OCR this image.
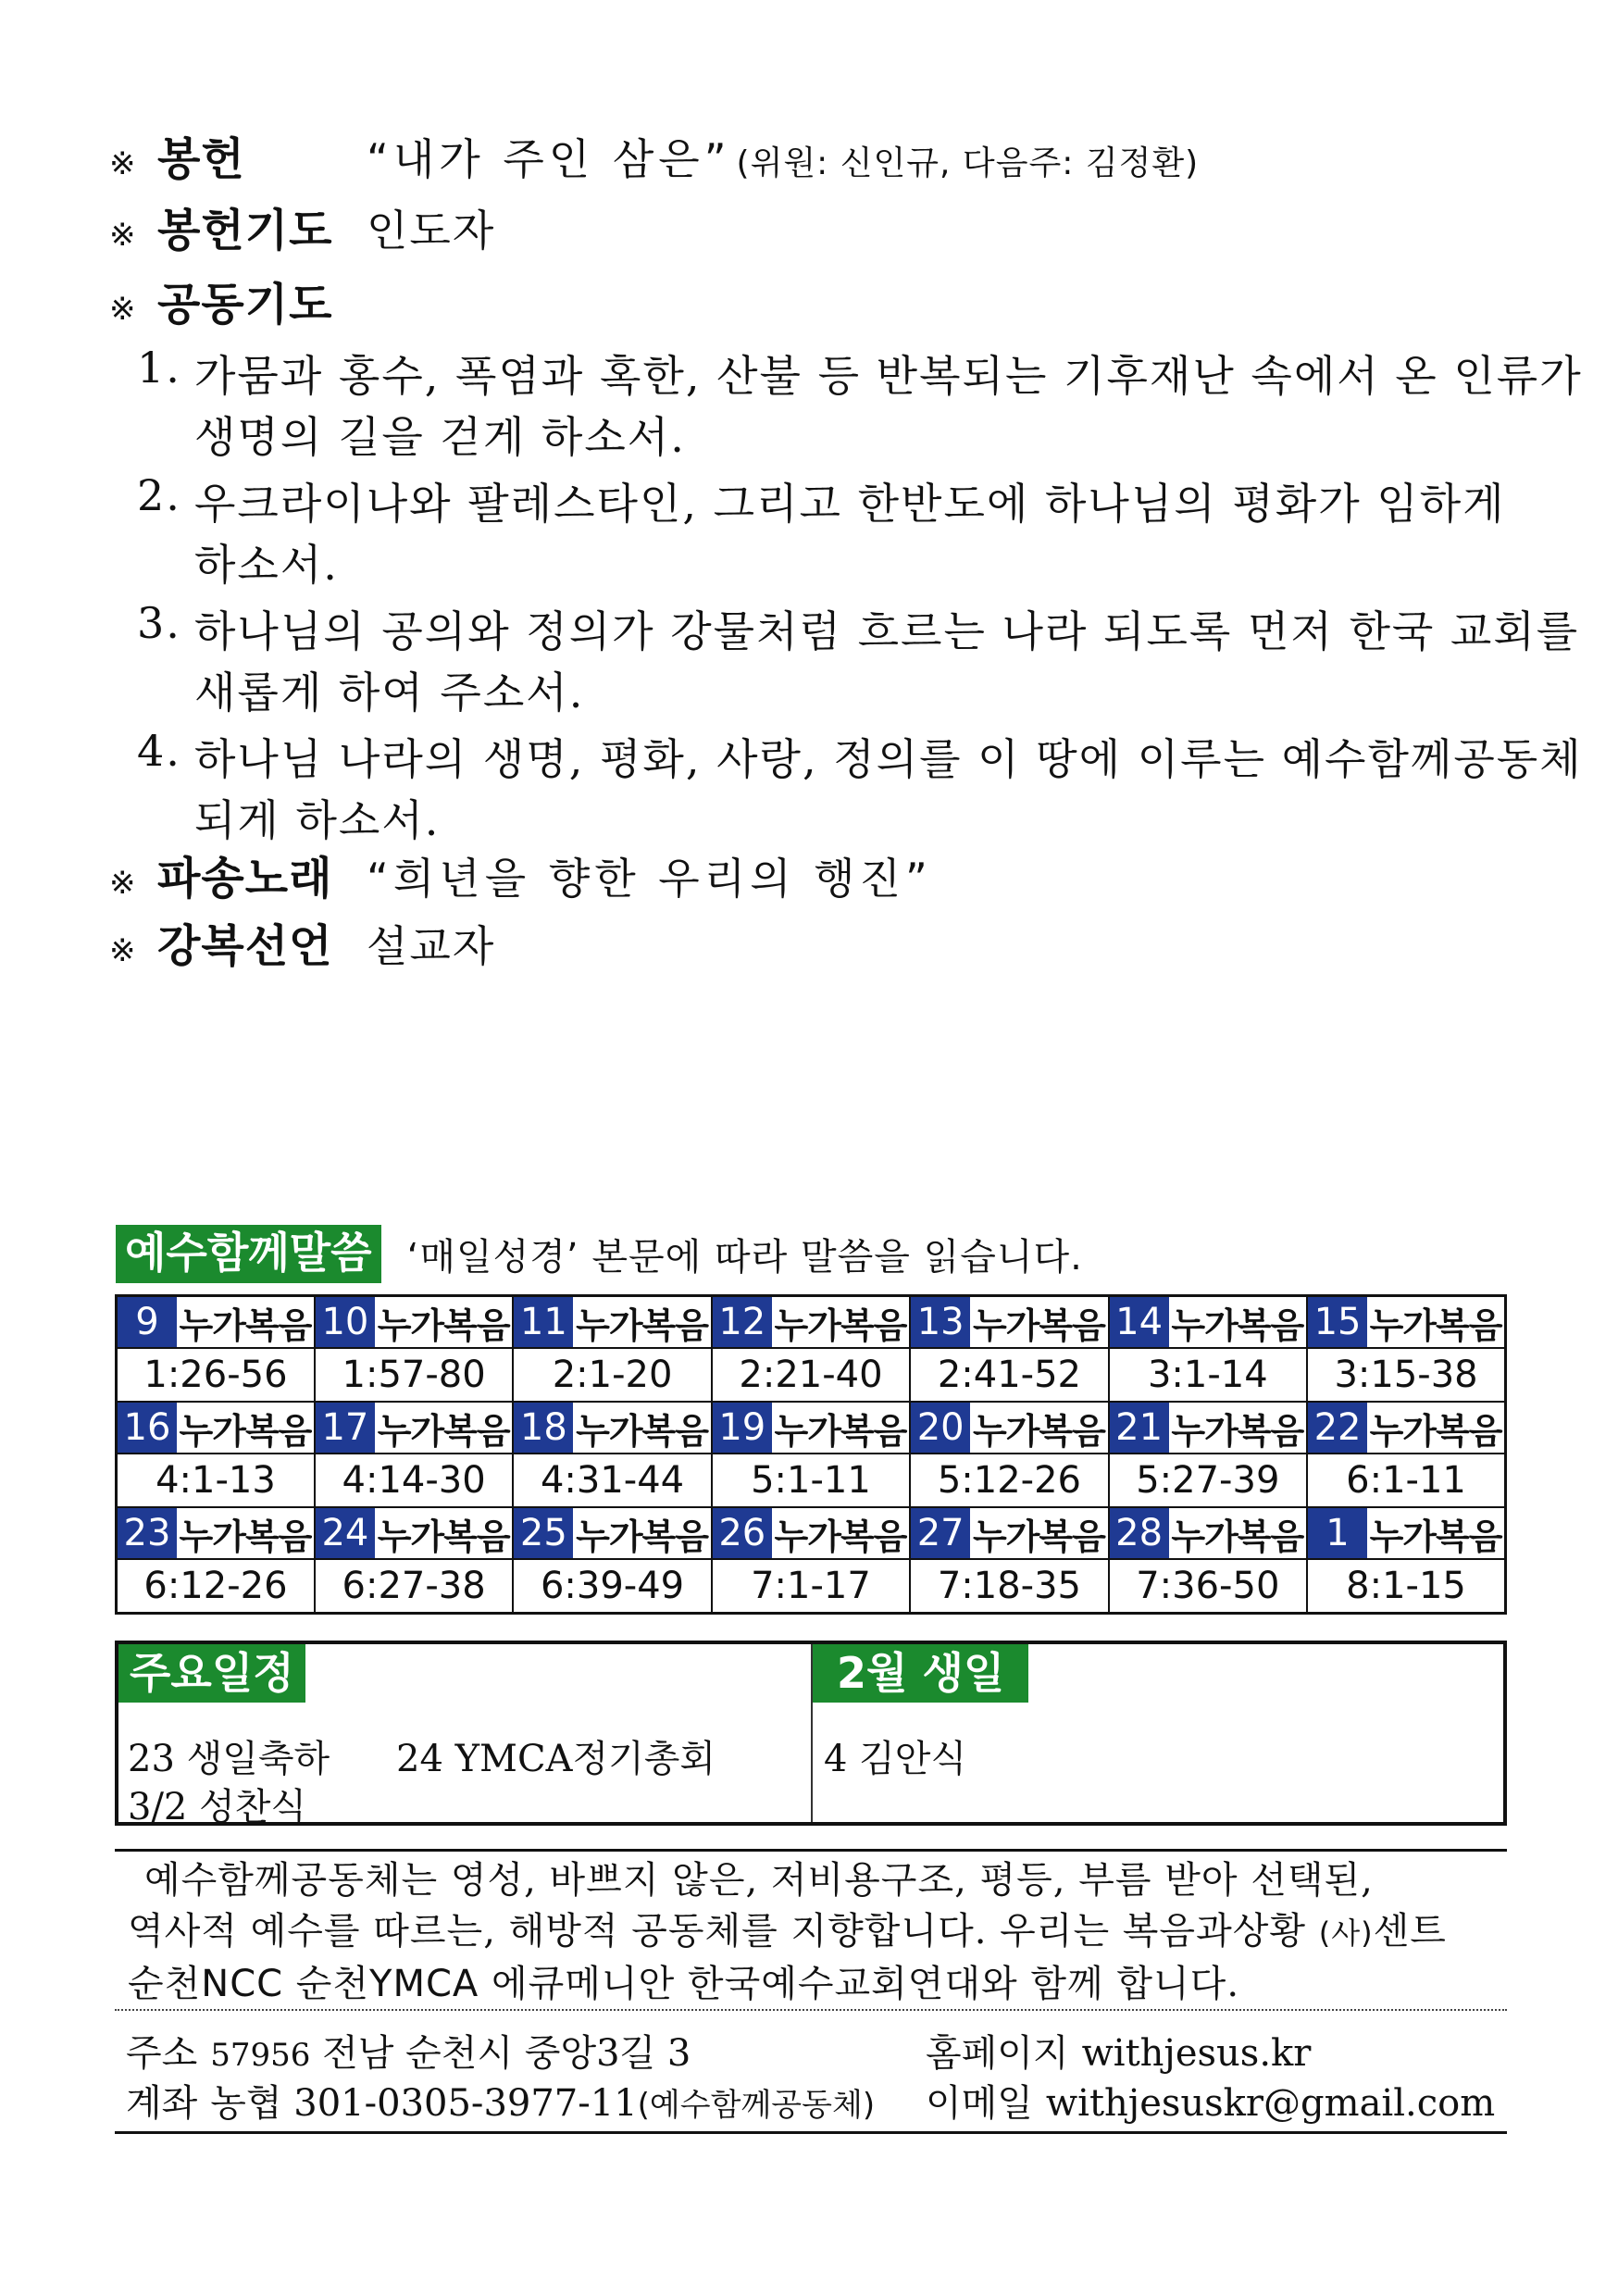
※ 봉헌	“내가 주인 삼은” (위원: 신인규, 다음주: 김정환)
※ 봉헌기도 인도자
※ 공동기도
1. 가뭄과 홍수, 폭염과 혹한, 산불 등 반복되는 기후재난 속에서 온 인류가
생명의 길을 걷게 하소서.
2. 우크라이나와 팔레스타인, 그리고 한반도에 하나님의 평화가 임하게
하소서.
3. 하나님의 공의와 정의가 강물처럼 흐르는 나라 되도록 먼저 한국 교회를
새롭게 하여 주소서.
4. 하나님 나라의 생명, 평화, 사랑, 정의를 이 땅에 이루는 예수함께공동체
되게 하소서.
※ 파송노래 “희년을 향한 우리의 행진”
※ 강복선언 설교자
예수함께말씀 ‘매일성경’ 본문에 따라 말씀을 읽습니다.
9 누가복음	10 누가복음	11 누가복음	12 누가복음	13 누가복음	14 누가복음	15 누가복음

1:26-56	1:57-80	2:1-20	2:21-40	2:41-52	3:1-14	3:15-38

16 누가복음	17 누가복음	18 누가복음	19 누가복음	20 누가복음	21 누가복음	22 누가복음

4:1-13	4:14-30	4:31-44	5:1-11	5:12-26	5:27-39	6:1-11

23 누가복음	24 누가복음	25 누가복음	26 누가복음	27 누가복음	28 누가복음	1 누가복음

6:12-26	6:27-38	6:39-49	7:1-17	7:18-35	7:36-50	8:1-15
주요일정
23 생일축하 24 YMCA정기총회
3/2 성찬식
2월 생일
4 김안식
예수함께공동체는 영성, 바쁘지 않은, 저비용구조, 평등, 부름 받아 선택된,
역사적 예수를 따르는, 해방적 공동체를 지향합니다. 우리는 복음과상황 (사)센트
순천NCC 순천YMCA 에큐메니안 한국예수교회연대와 함께 합니다.
주소 57956 전남 순천시 중앙3길 3	홈페이지 withjesus.kr
계좌 농협 301-0305-3977-11(예수함께공동체) 이메일 withjesuskr@gmail.com
